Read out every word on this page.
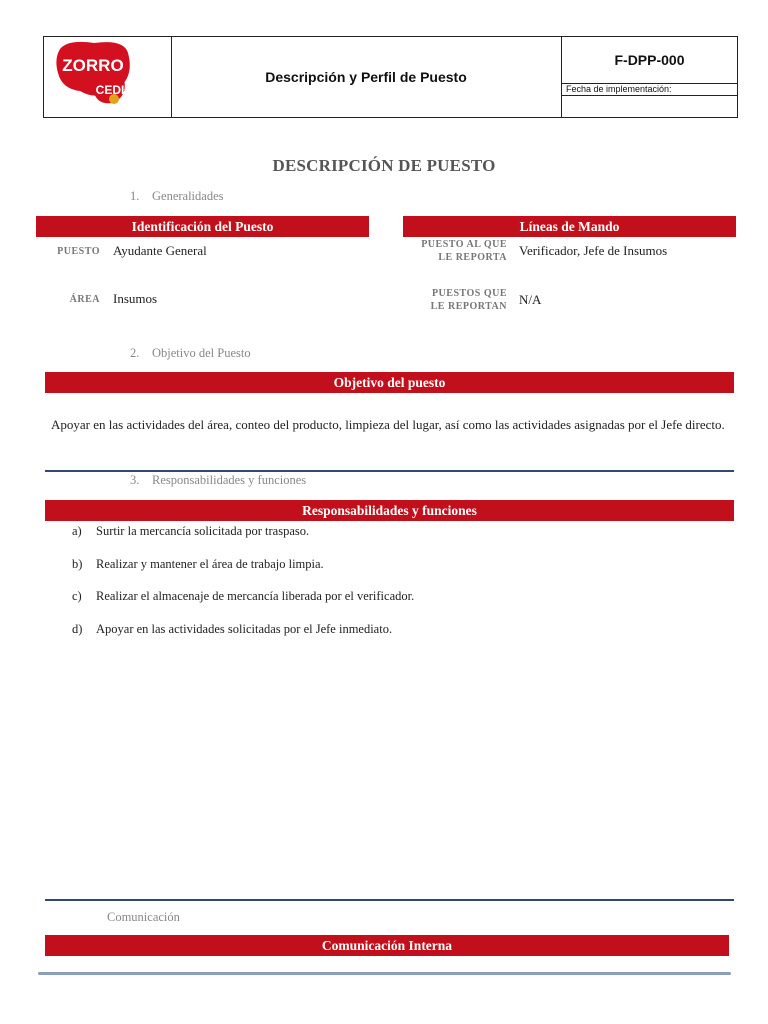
ZORRO
CEDI
Descripción y Perfil de Puesto
F-DPP-000
Fecha de implementación:
DESCRIPCIÓN DE PUESTO
1. Generalidades
Identificación del Puesto	Líneas de Mando
PUESTO Ayudante General
ÁREA Insumos
PUESTO AL QUE
LE REPORTA Verificador, Jefe de Insumos
PUESTOS QUE
LE REPORTAN N/A
2. Objetivo del Puesto
Objetivo del puesto
Apoyar en las actividades del área, conteo del producto, limpieza del lugar, así como las actividades asignadas por el Jefe directo.
3. Responsabilidades y funciones
Responsabilidades y funciones
a) Surtir la mercancía solicitada por traspaso.
b) Realizar y mantener el área de trabajo limpia.
c) Realizar el almacenaje de mercancía liberada por el verificador.
d) Apoyar en las actividades solicitadas por el Jefe inmediato.
Comunicación
Comunicación Interna
